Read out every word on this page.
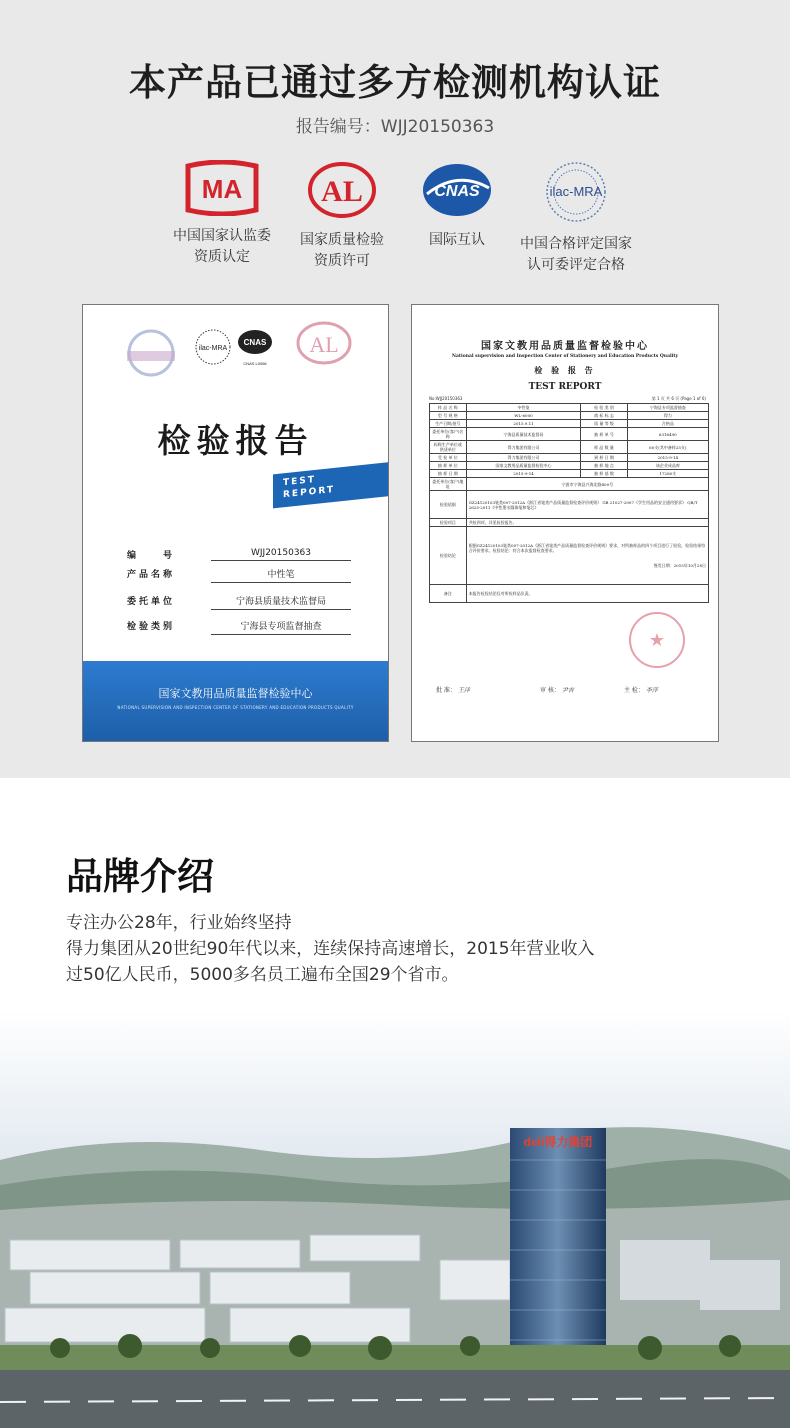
本产品已通过多方检测机构认证
报告编号：WJJ20150363
MA
中国国家认监委
资质认定
AL
国家质量检验
资质许可
CNAS
国际互认
ilac-MRA
中国合格评定国家
认可委评定合格
ilac-MRA
CNAS
CNAS L0066
AL
检验报告
TEST
REPORT
编　　号	WJJ20150363
产品名称	中性笔
委托单位	宁海县质量技术监督局
检验类别	宁海县专项监督抽查
国家文教用品质量监督检验中心
NATIONAL SUPERVISION AND INSPECTION CENTER OF STATIONERY AND EDUCATION PRODUCTS QUALITY
国家文教用品质量监督检验中心
National supervision and Inspection Center of Stationery and Education Products Quality
检 验 报 告
TEST REPORT
No:WJJ20150363	第 1 页 共 6 页 (Page 1 of 6)
样 品 名 称	中性笔	检 验 类 别	宁海县专项监督抽查
型 号 规 格	WL-6000	商 标 标 志	得力
生产日期/批号	2015.9.11	质 量 等 级	合格品
委托单位(客户)名称	宁海县质量技术监督局	抽 样 单 号	6316490
标称生产单位或供货单位	得力集团有限公司	样 品 数 量	60支(其中备样25支)
受 检 单 位	得力集团有限公司	到 样 日 期	2015-9-14
抽 样 单 位	国家文教用品质量监督检验中心	抽 样 地 点	该企业成品库
抽 样 日 期	2015-9-14	抽 样 基 数	17280支
委托单位(客户)地址	宁波市宁海县兴海北路400号		
检验依据	GZ24120103笔类007-2012A《浙江省笔类产品质量监督检查评价规则》 GB 21027-2007《学生用品的安全通用要求》 QB/T 2625-2011《中性墨水圆珠笔和笔芯》		
检验项目	共检四项，详见检验报告。		
检验结论	根据GZ24120103笔类007-2012A《浙江省笔类产品质量监督检查评价规则》要求，对所抽样品的四个项目进行了检验，检验结果符合评价要求。检验结论：符合本次监督检查要求。
签发日期：2015年10月28日		

备注	本报告检验结论仅对所检样品负责。		
★
批 准： 王洋	审 核： 尹吉	主 检： 李萍
品牌介绍

专注办公28年，行业始终坚持

得力集团从20世纪90年代以来，连续保持高速增长，2015年营业收入

过50亿人民币，5000多名员工遍布全国29个省市。

deli得力集团
